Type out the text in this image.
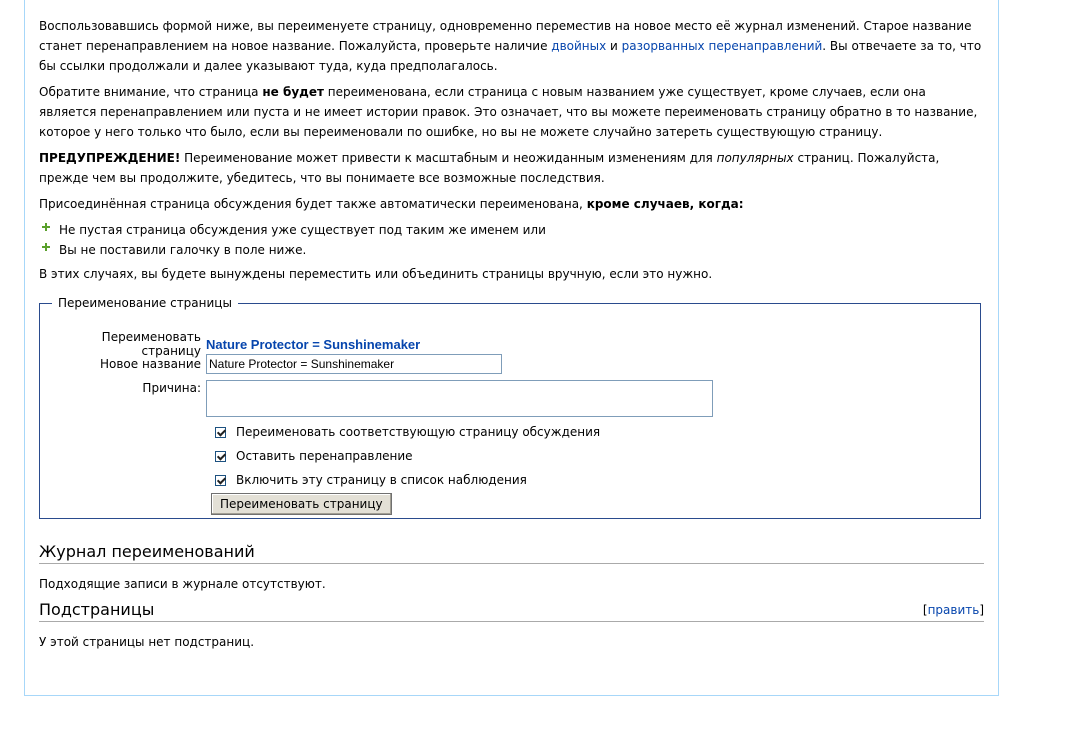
Воспользовавшись формой ниже, вы переименуете страницу, одновременно переместив на новое место её журнал изменений. Старое название станет перенаправлением на новое название. Пожалуйста, проверьте наличие двойных и разорванных перенаправлений. Вы отвечаете за то, что бы ссылки продолжали и далее указывают туда, куда предполагалось.

Обратите внимание, что страница не будет переименована, если страница с новым названием уже существует, кроме случаев, если она является перенаправлением или пуста и не имеет истории правок. Это означает, что вы можете переименовать страницу обратно в то название, которое у него только что было, если вы переименовали по ошибке, но вы не можете случайно затереть существующую страницу.

ПРЕДУПРЕЖДЕНИЕ! Переименование может привести к масштабным и неожиданным изменениям для популярных страниц. Пожалуйста, прежде чем вы продолжите, убедитесь, что вы понимаете все возможные последствия.

Присоединённая страница обсуждения будет также автоматически переименована, кроме случаев, когда:

Не пустая страница обсуждения уже существует под таким же именем или
Вы не поставили галочку в поле ниже.

В этих случаях, вы будете вынуждены переместить или объединить страницы вручную, если это нужно.

Переименование страницы
Переименовать страницу Nature Protector = Sunshinemaker
Новое название
Nature Protector = Sunshinemaker
Причина:
Переименовать соответствующую страницу обсуждения
Оставить перенаправление
Включить эту страницу в список наблюдения
Переименовать страницу
Журнал переименований

Подходящие записи в журнале отсутствуют.

Подстраницы	[править]

У этой страницы нет подстраниц.
